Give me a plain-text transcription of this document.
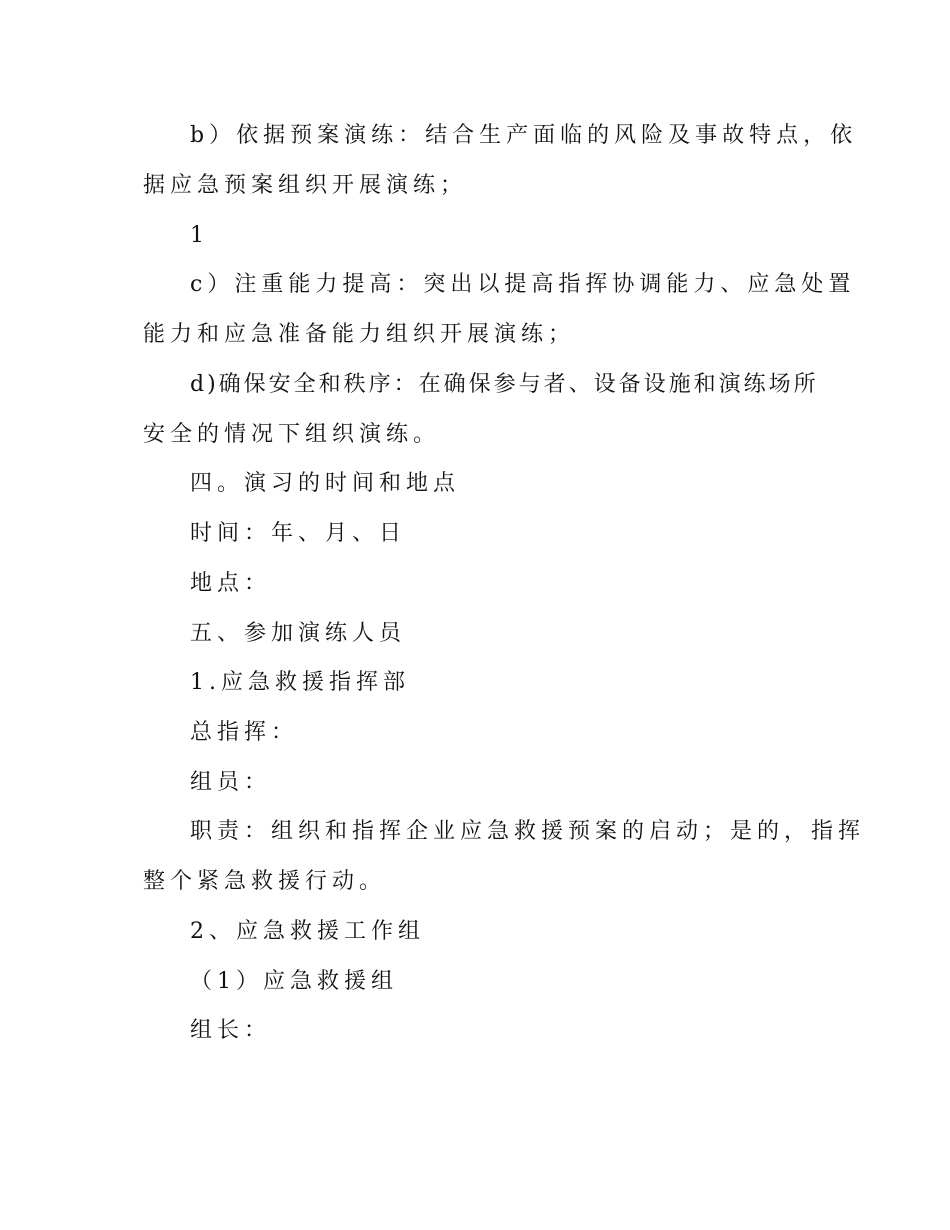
b）依据预案演练：结合生产面临的风险及事故特点，依
据应急预案组织开展演练；
1
c）注重能力提高：突出以提高指挥协调能力、应急处置
能力和应急准备能力组织开展演练；
d)确保安全和秩序：在确保参与者、设备设施和演练场所
安全的情况下组织演练。
四。演习的时间和地点
时间：年、月、日
地点：
五、参加演练人员
1.应急救援指挥部
总指挥：
组员：
职责：组织和指挥企业应急救援预案的启动；是的，指挥
整个紧急救援行动。
2、应急救援工作组
（1）应急救援组
组长：
